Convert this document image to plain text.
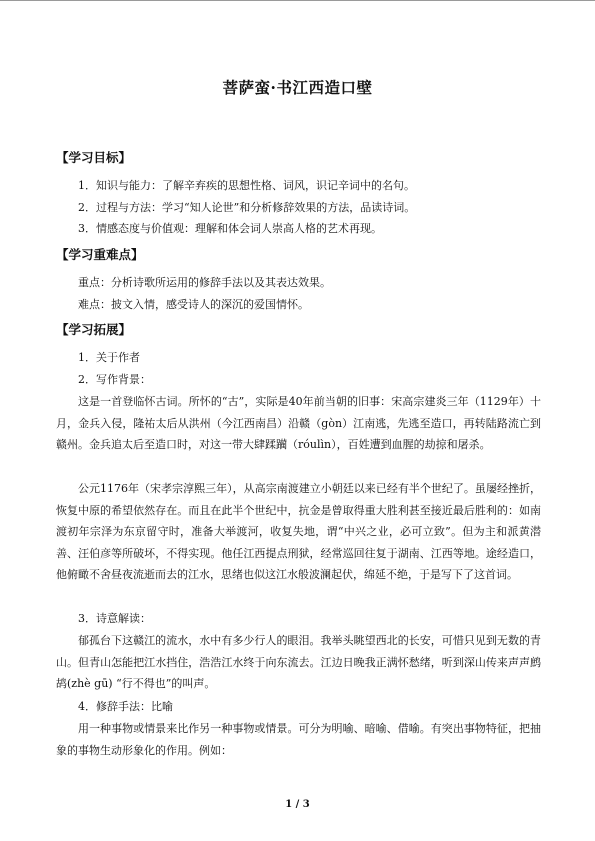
菩萨蛮·书江西造口壁
【学习目标】
1．知识与能力：了解辛弃疾的思想性格、词风，识记辛词中的名句。
2．过程与方法：学习“知人论世”和分析修辞效果的方法，品读诗词。
3．情感态度与价值观：理解和体会词人崇高人格的艺术再现。
【学习重难点】
重点：分析诗歌所运用的修辞手法以及其表达效果。
难点：披文入情，感受诗人的深沉的爱国情怀。
【学习拓展】
1．关于作者
2．写作背景：

这是一首登临怀古词。所怀的“古”，实际是40年前当朝的旧事：宋高宗建炎三年（1129年）十月，金兵入侵，隆祐太后从洪州（今江西南昌）沿赣（gòn）江南逃，先逃至造口，再转陆路流亡到赣州。金兵追太后至造口时，对这一带大肆蹂躏（róulìn），百姓遭到血腥的劫掠和屠杀。

公元1176年（宋孝宗淳熙三年），从高宗南渡建立小朝廷以来已经有半个世纪了。虽屡经挫折，恢复中原的希望依然存在。而且在此半个世纪中，抗金是曾取得重大胜利甚至接近最后胜利的：如南渡初年宗泽为东京留守时，准备大举渡河，收复失地，谓“中兴之业，必可立致”。但为主和派黄潜善、汪伯彦等所破坏，不得实现。他任江西提点刑狱，经常巡回往复于湖南、江西等地。途经造口，他俯瞰不舍昼夜流逝而去的江水，思绪也似这江水般波澜起伏，绵延不绝，于是写下了这首词。

3．诗意解读：

郁孤台下这赣江的流水，水中有多少行人的眼泪。我举头眺望西北的长安，可惜只见到无数的青山。但青山怎能把江水挡住，浩浩江水终于向东流去。江边日晚我正满怀愁绪，听到深山传来声声鹧鸪(zhè gū) “行不得也”的叫声。

4．修辞手法：比喻

用一种事物或情景来比作另一种事物或情景。可分为明喻、暗喻、借喻。有突出事物特征，把抽象的事物生动形象化的作用。例如：

1 / 3
